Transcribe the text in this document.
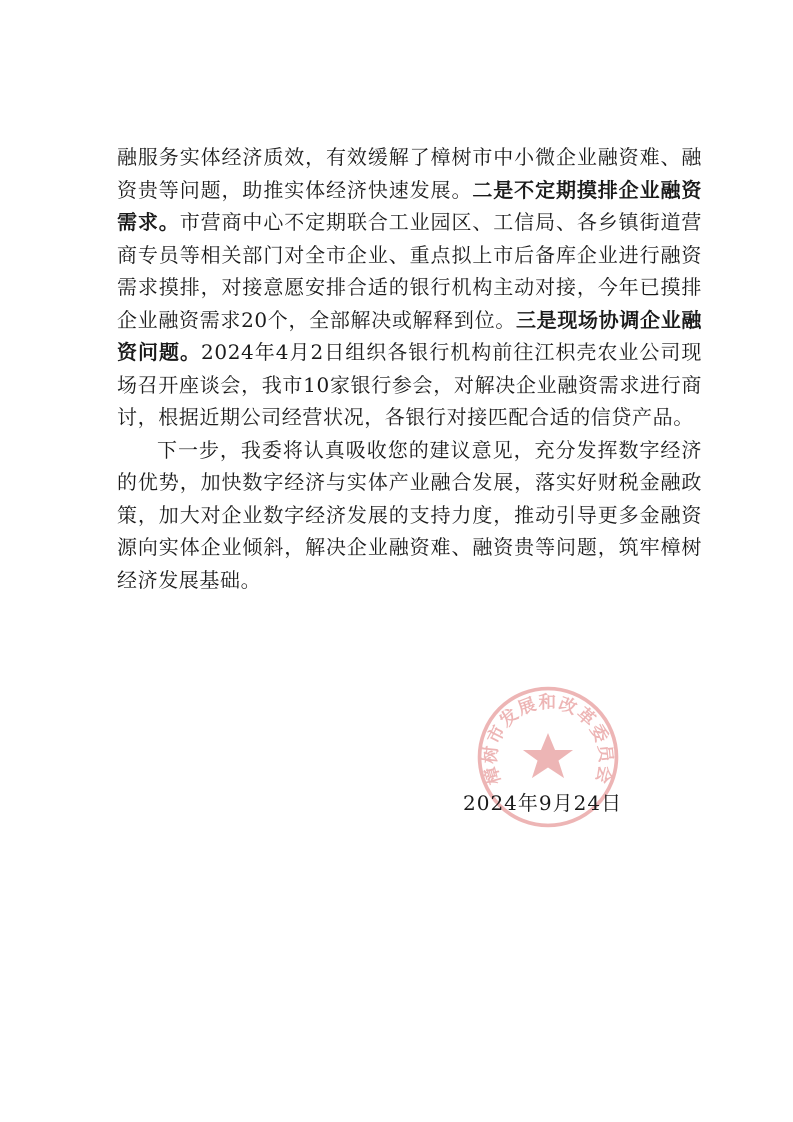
融服务实体经济质效，有效缓解了樟树市中小微企业融资难、融资贵等问题，助推实体经济快速发展。二是不定期摸排企业融资需求。市营商中心不定期联合工业园区、工信局、各乡镇街道营商专员等相关部门对全市企业、重点拟上市后备库企业进行融资需求摸排，对接意愿安排合适的银行机构主动对接，今年已摸排企业融资需求20个，全部解决或解释到位。三是现场协调企业融资问题。2024年4月2日组织各银行机构前往江枳壳农业公司现场召开座谈会，我市10家银行参会，对解决企业融资需求进行商讨，根据近期公司经营状况，各银行对接匹配合适的信贷产品。

下一步，我委将认真吸收您的建议意见，充分发挥数字经济的优势，加快数字经济与实体产业融合发展，落实好财税金融政策，加大对企业数字经济发展的支持力度，推动引导更多金融资源向实体企业倾斜，解决企业融资难、融资贵等问题，筑牢樟树经济发展基础。

樟树市发展和改革委员会
2024年9月24日
